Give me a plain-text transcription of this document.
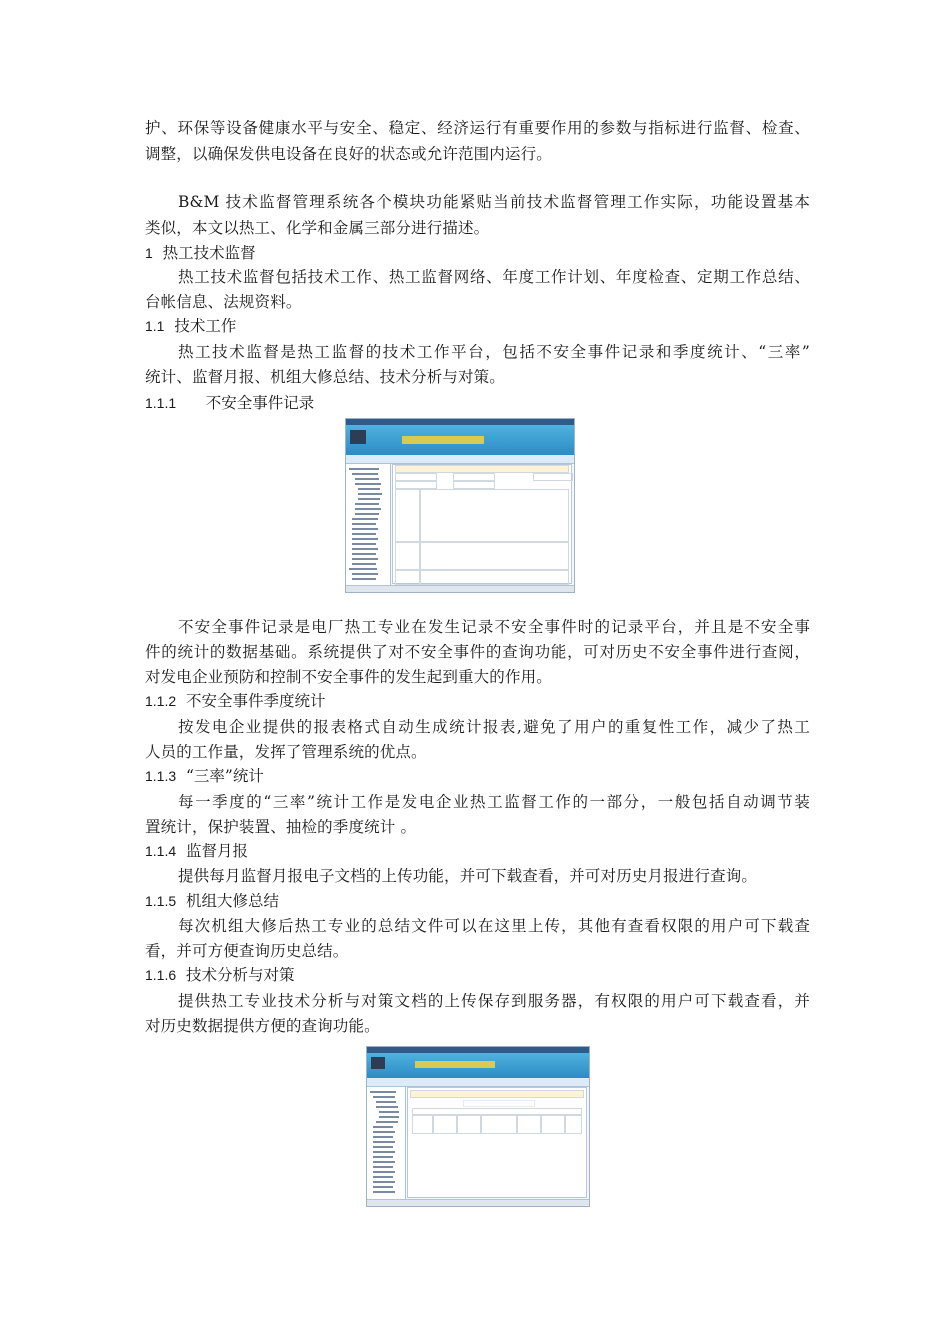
护、环保等设备健康水平与安全、稳定、经济运行有重要作用的参数与指标进行监督、检查、
调整，以确保发供电设备在良好的状态或允许范围内运行。
B&M 技术监督管理系统各个模块功能紧贴当前技术监督管理工作实际，功能设置基本
类似，本文以热工、化学和金属三部分进行描述。
1 热工技术监督
热工技术监督包括技术工作、热工监督网络、年度工作计划、年度检查、定期工作总结、
台帐信息、法规资料。
1.1 技术工作
热工技术监督是热工监督的技术工作平台，包括不安全事件记录和季度统计、“三率”
统计、监督月报、机组大修总结、技术分析与对策。
1.1.1 不安全事件记录
不安全事件记录是电厂热工专业在发生记录不安全事件时的记录平台，并且是不安全事
件的统计的数据基础。系统提供了对不安全事件的查询功能，可对历史不安全事件进行查阅，
对发电企业预防和控制不安全事件的发生起到重大的作用。
1.1.2 不安全事件季度统计
按发电企业提供的报表格式自动生成统计报表,避免了用户的重复性工作，减少了热工
人员的工作量，发挥了管理系统的优点。
1.1.3 “三率”统计
每一季度的“三率”统计工作是发电企业热工监督工作的一部分，一般包括自动调节装
置统计，保护装置、抽检的季度统计 。
1.1.4 监督月报
提供每月监督月报电子文档的上传功能，并可下载查看，并可对历史月报进行查询。
1.1.5 机组大修总结
每次机组大修后热工专业的总结文件可以在这里上传，其他有查看权限的用户可下载查
看，并可方便查询历史总结。
1.1.6 技术分析与对策
提供热工专业技术分析与对策文档的上传保存到服务器，有权限的用户可下载查看，并
对历史数据提供方便的查询功能。
